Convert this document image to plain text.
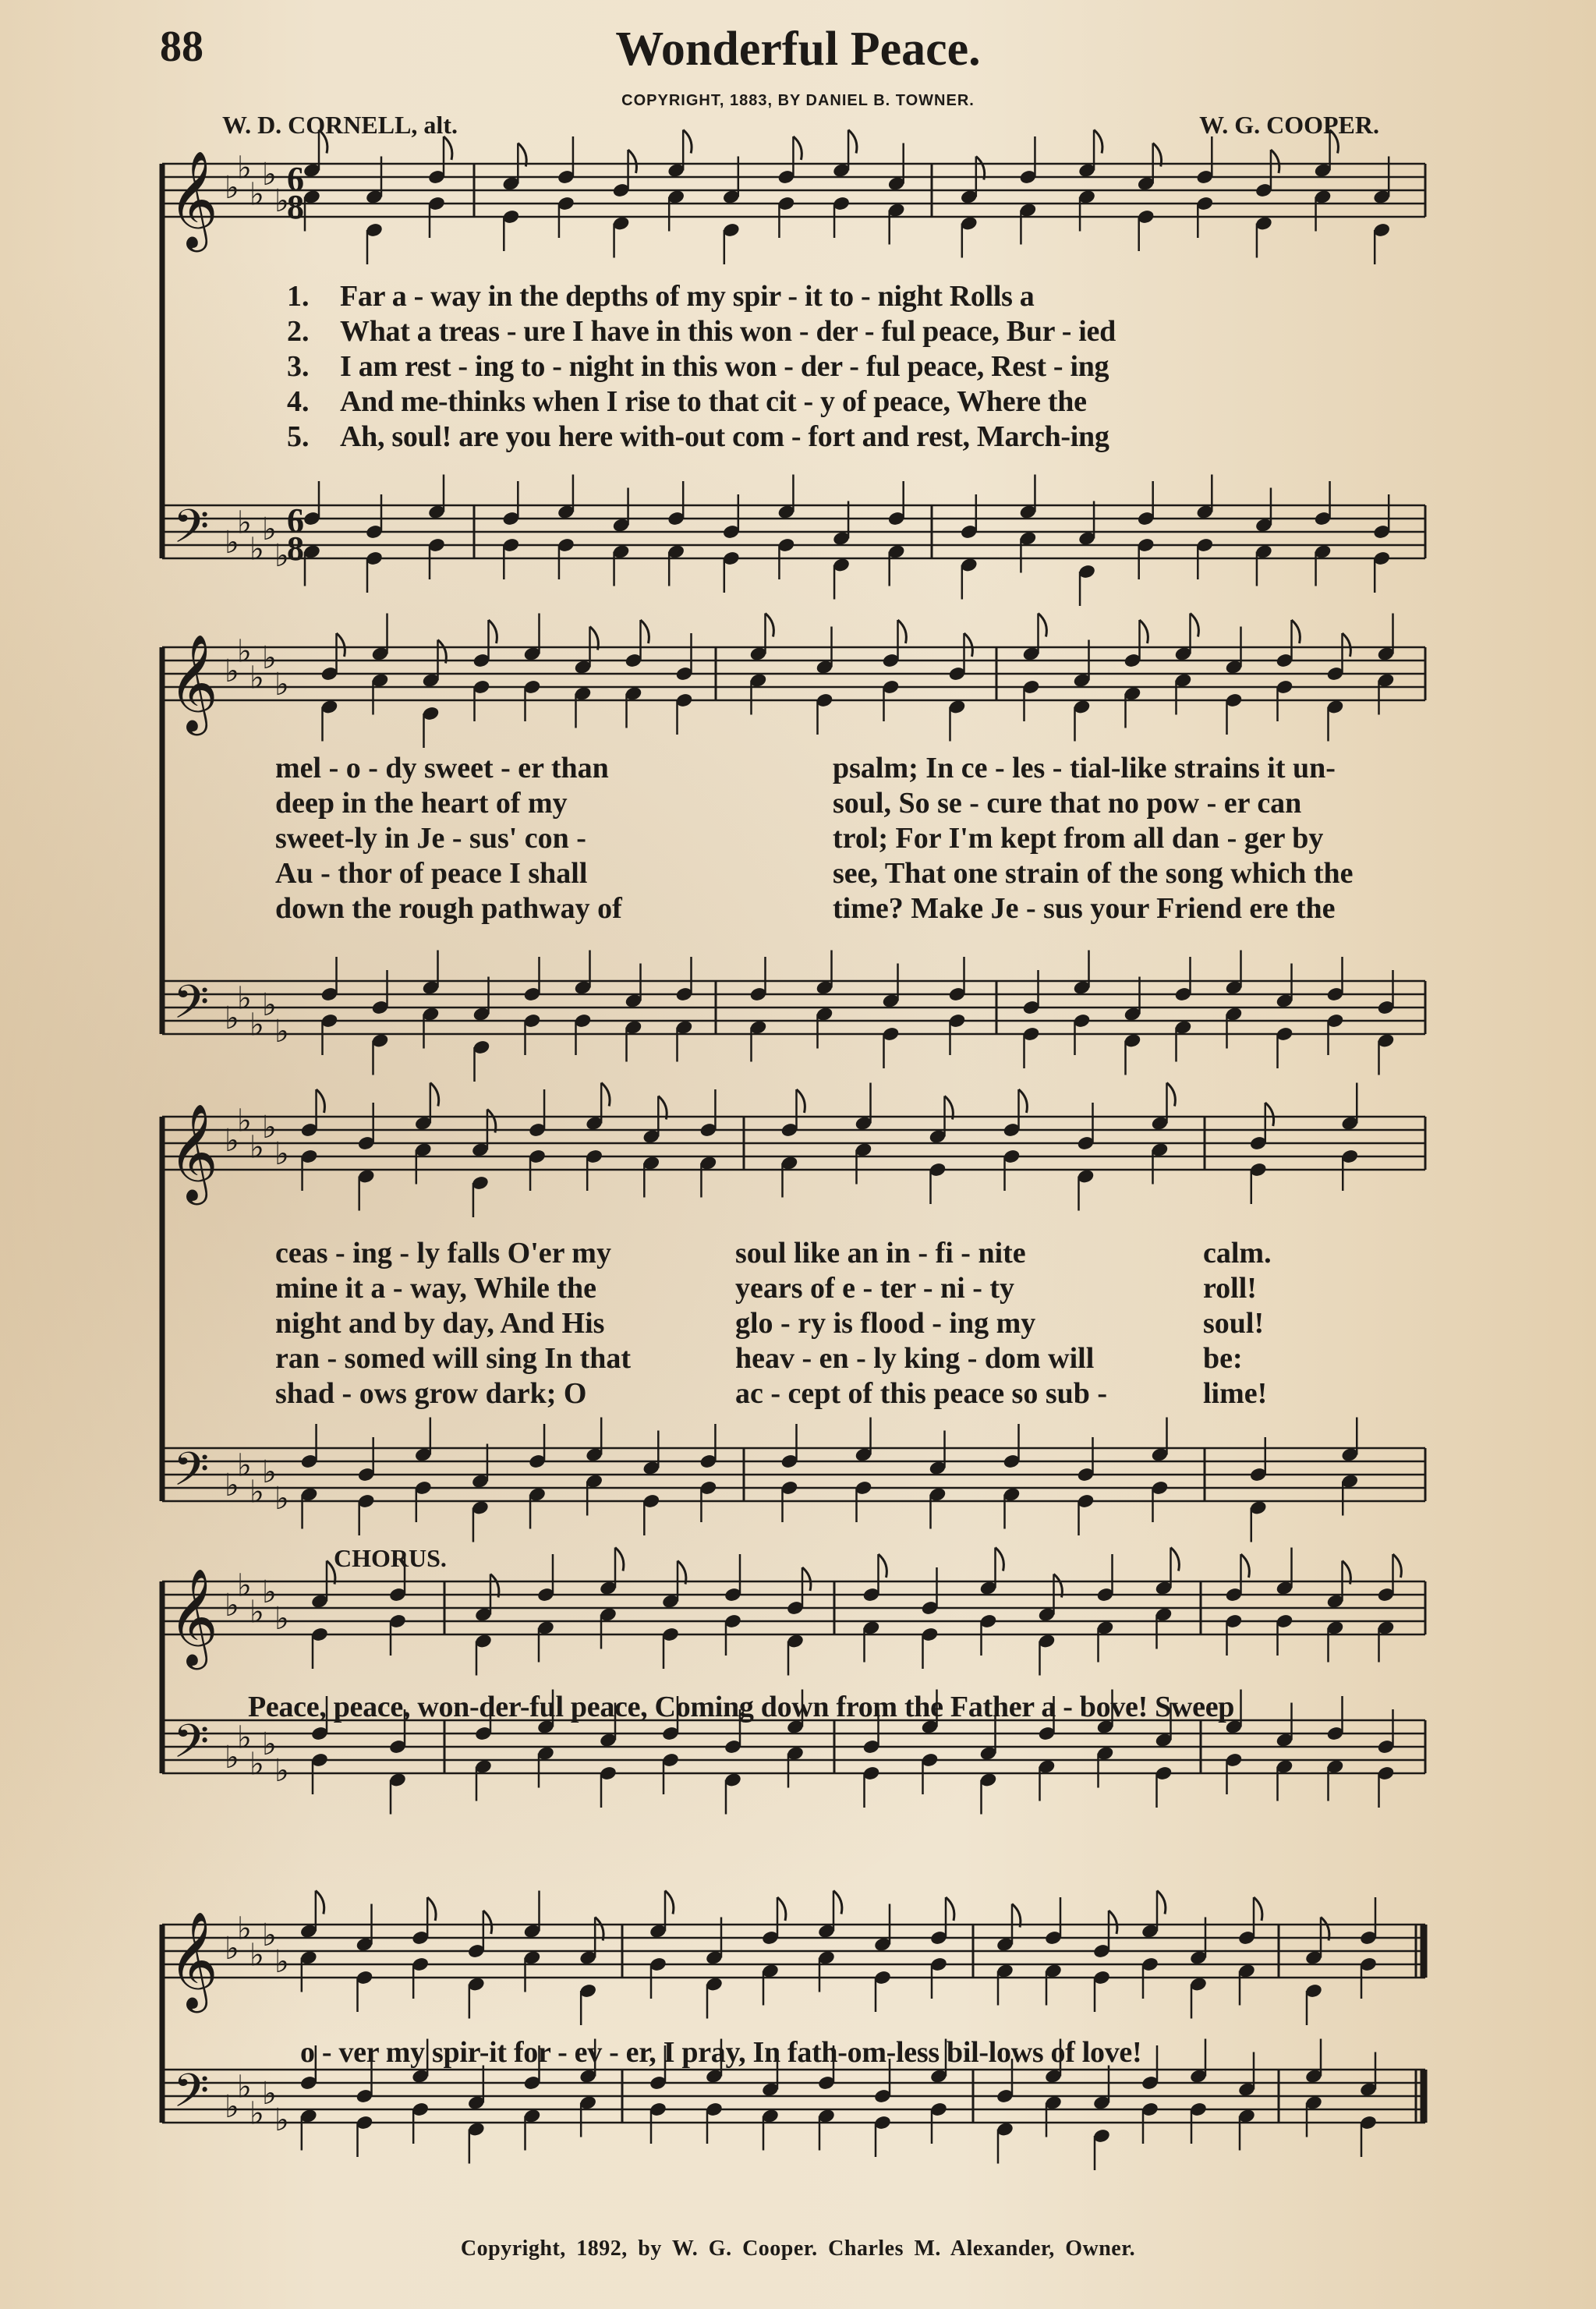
88	Wonderful Peace.
COPYRIGHT, 1883, BY DANIEL B. TOWNER.
W. D. CORNELL, alt.	W. G. COOPER.
𝄞
𝄢
♭
♭
♭
♭
♭
♭
♭
♭
♭
♭
6
8
6
8
𝄞
𝄢
♭
♭
♭
♭
♭
♭
♭
♭
♭
♭
𝄞
𝄢
♭
♭
♭
♭
♭
♭
♭
♭
♭
♭
𝄞
𝄢
♭
♭
♭
♭
♭
♭
♭
♭
♭
♭
𝄞
𝄢
♭
♭
♭
♭
♭
♭
♭
♭
♭
♭
1.	Far a - way in the depths of my spir - it to - night Rolls a
2.	What a treas - ure I have in this won - der - ful peace, Bur - ied
3.	I am rest - ing to - night in this won - der - ful peace, Rest - ing
4.	And me-thinks when I rise to that cit - y of peace, Where the
5.	Ah, soul! are you here with-out com - fort and rest, March-ing
mel - o - dy sweet - er than	psalm; In ce - les - tial-like strains it un-
deep in the heart of my	soul, So se - cure that no pow - er can
sweet-ly in Je - sus' con -	trol; For I'm kept from all dan - ger by
Au - thor of peace I shall	see, That one strain of the song which the
down the rough pathway of	time? Make Je - sus your Friend ere the
ceas - ing - ly falls O'er my	soul like an in - fi - nite	calm.
mine it a - way, While the	years of e - ter - ni - ty	roll!
night and by day, And His	glo - ry is flood - ing my	soul!
ran - somed will sing In that	heav - en - ly king - dom will	be:
shad - ows grow dark; O	ac - cept of this peace so sub -	lime!
CHORUS.
Peace, peace, won-der-ful peace, Coming down from the Father a - bove! Sweep
o - ver my spir-it for - ev - er, I pray, In fath-om-less bil-lows of love!
Copyright, 1892, by W. G. Cooper. Charles M. Alexander, Owner.
